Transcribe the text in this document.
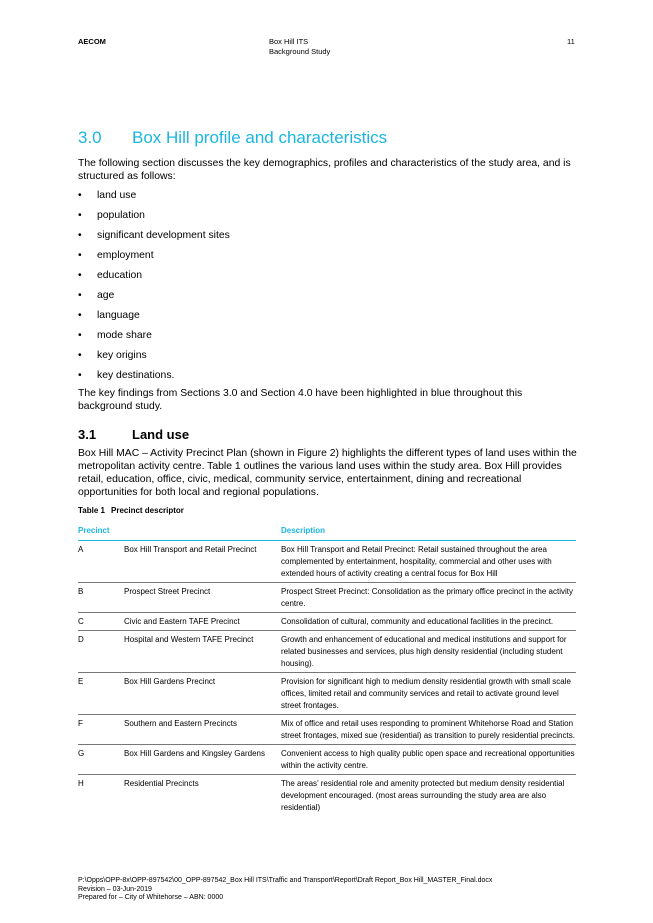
AECOM	Box Hill ITS
Background Study
11
3.0 Box Hill profile and characteristics

The following section discusses the key demographics, profiles and characteristics of the study area, and is structured as follows:

• land use
• population
• significant development sites
• employment
• education
• age
• language
• mode share
• key origins
• key destinations.

The key findings from Sections 3.0 and Section 4.0 have been highlighted in blue throughout this background study.

3.1	Land use

Box Hill MAC – Activity Precinct Plan (shown in Figure 2) highlights the different types of land uses within the metropolitan activity centre. Table 1 outlines the various land uses within the study area. Box Hill provides retail, education, office, civic, medical, community service, entertainment, dining and recreational opportunities for both local and regional populations.

Table 1 Precinct descriptor
Precinct		Description
A	Box Hill Transport and Retail Precinct	Box Hill Transport and Retail Precinct: Retail sustained throughout the area complemented by entertainment, hospitality, commercial and other uses with extended hours of activity creating a central focus for Box Hill
B	Prospect Street Precinct	Prospect Street Precinct: Consolidation as the primary office precinct in the activity centre.
C	Civic and Eastern TAFE Precinct	Consolidation of cultural, community and educational facilities in the precinct.
D	Hospital and Western TAFE Precinct	Growth and enhancement of educational and medical institutions and support for related businesses and services, plus high density residential (including student housing).
E	Box Hill Gardens Precinct	Provision for significant high to medium density residential growth with small scale offices, limited retail and community services and retail to activate ground level street frontages.
F	Southern and Eastern Precincts	Mix of office and retail uses responding to prominent Whitehorse Road and Station street frontages, mixed sue (residential) as transition to purely residential precincts.
G	Box Hill Gardens and Kingsley Gardens	Convenient access to high quality public open space and recreational opportunities within the activity centre.
H	Residential Precincts	The areas’ residential role and amenity protected but medium density residential development encouraged. (most areas surrounding the study area are also residential)
P:\Opps\OPP-8x\OPP-897542\00_OPP-897542_Box Hill ITS\Traffic and Transport\Report\Draft Report_Box Hill_MASTER_Final.docx
Revision – 03-Jun-2019
Prepared for – City of Whitehorse – ABN: 0000
